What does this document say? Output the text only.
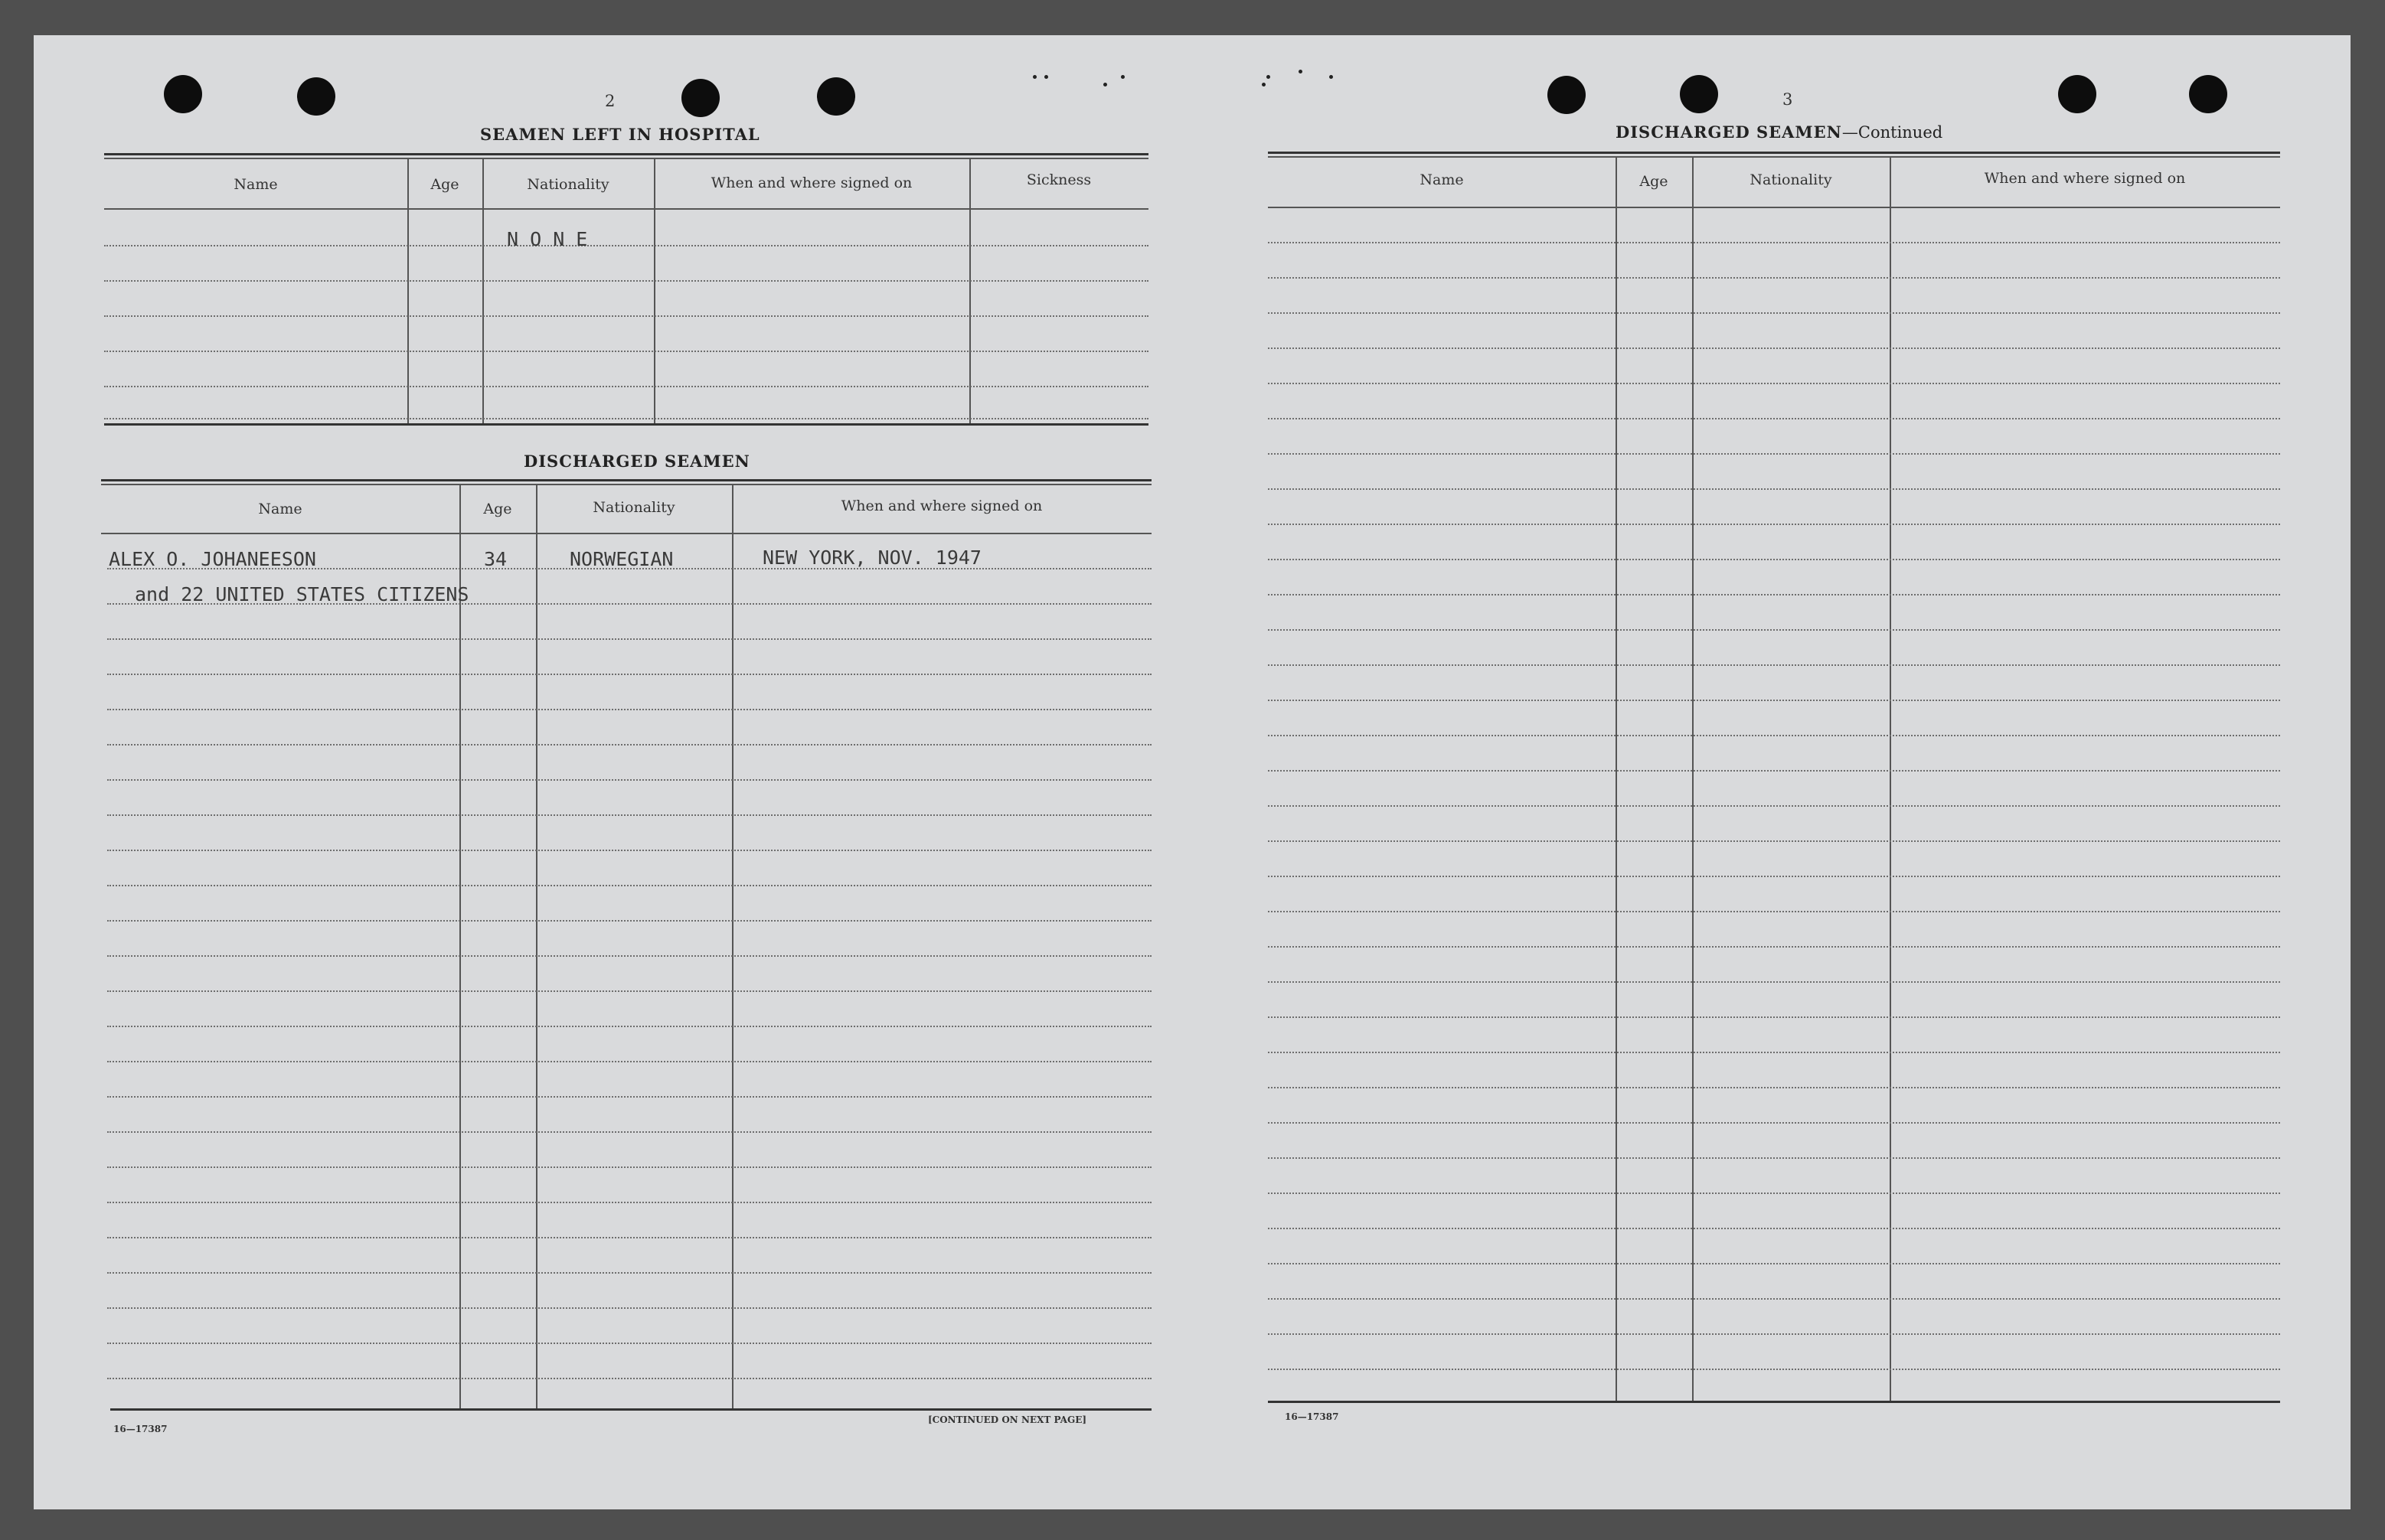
2
SEAMEN LEFT IN HOSPITAL
Name	Age	Nationality	When and where signed on	Sickness
N O N E
DISCHARGED SEAMEN
Name	Age	Nationality	When and where signed on
ALEX O. JOHANEESON	34	NORWEGIAN	NEW YORK, NOV. 1947
and 22 UNITED STATES CITIZENS
16—17387
[CONTINUED ON NEXT PAGE]
3
DISCHARGED SEAMEN—Continued
Name	Age	Nationality	When and where signed on
16—17387
